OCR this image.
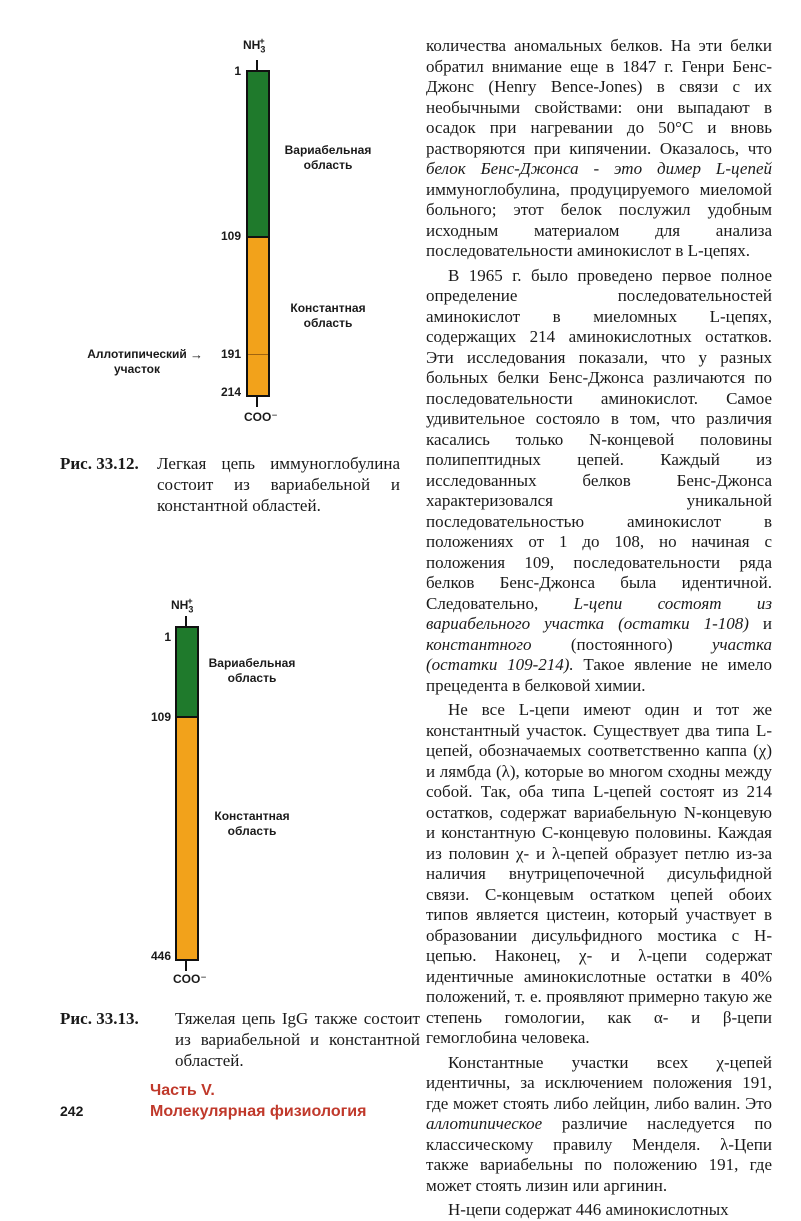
$NH_3^+$
1
109
191
214
Вариабельная
область
Константная
область
Аллотипический
участок
→
COO⁻
Рис. 33.12. Легкая цепь иммуноглобулина состоит из вариабельной и константной областей.
$NH_3^+$
1
109
446
Вариабельная
область
Константная
область
COO⁻
Рис. 33.13. Тяжелая цепь IgG также состоит из вариабельной и константной областей.
242
Часть V.
Молекулярная физиология

количества аномальных белков. На эти белки обратил внимание еще в 1847 г. Генри Бенс-Джонс (Henry Bence-Jones) в связи с их необычными свойствами: они выпадают в осадок при нагревании до 50°С и вновь растворяются при кипячении. Оказалось, что белок Бенс-Джонса - это димер L-цепей иммуноглобулина, продуцируемого миеломой больного; этот белок послужил удобным исходным материалом для анализа последовательности аминокислот в L-цепях.

В 1965 г. было проведено первое полное определение последовательностей аминокислот в миеломных L-цепях, содержащих 214 аминокислотных остатков. Эти исследования показали, что у разных больных белки Бенс-Джонса различаются по последовательности аминокислот. Самое удивительное состояло в том, что различия касались только N-концевой половины полипептидных цепей. Каждый из исследованных белков Бенс-Джонса характеризовался уникальной последовательностью аминокислот в положениях от 1 до 108, но начиная с положения 109, последовательности ряда белков Бенс-Джонса была идентичной. Следовательно, L-цепи состоят из вариабельного участка (остатки 1-108) и константного (постоянного) участка (остатки 109-214). Такое явление не имело прецедента в белковой химии.

Не все L-цепи имеют один и тот же константный участок. Существует два типа L-цепей, обозначаемых соответственно каппа (χ) и лямбда (λ), которые во многом сходны между собой. Так, оба типа L-цепей состоят из 214 остатков, содержат вариабельную N-концевую и константную С-концевую половины. Каждая из половин χ- и λ-цепей образует петлю из-за наличия внутрицепочечной дисульфидной связи. С-концевым остатком цепей обоих типов является цистеин, который участвует в образовании дисульфидного мостика с Н-цепью. Наконец, χ- и λ-цепи содержат идентичные аминокислотные остатки в 40% положений, т. е. проявляют примерно такую же степень гомологии, как α- и β-цепи гемоглобина человека.

Константные участки всех χ-цепей идентичны, за исключением положения 191, где может стоять либо лейцин, либо валин. Это аллотипическое различие наследуется по классическому правилу Менделя. λ-Цепи также вариабельны по положению 191, где может стоять лизин или аргинин.

Н-цепи содержат 446 аминокислотных
